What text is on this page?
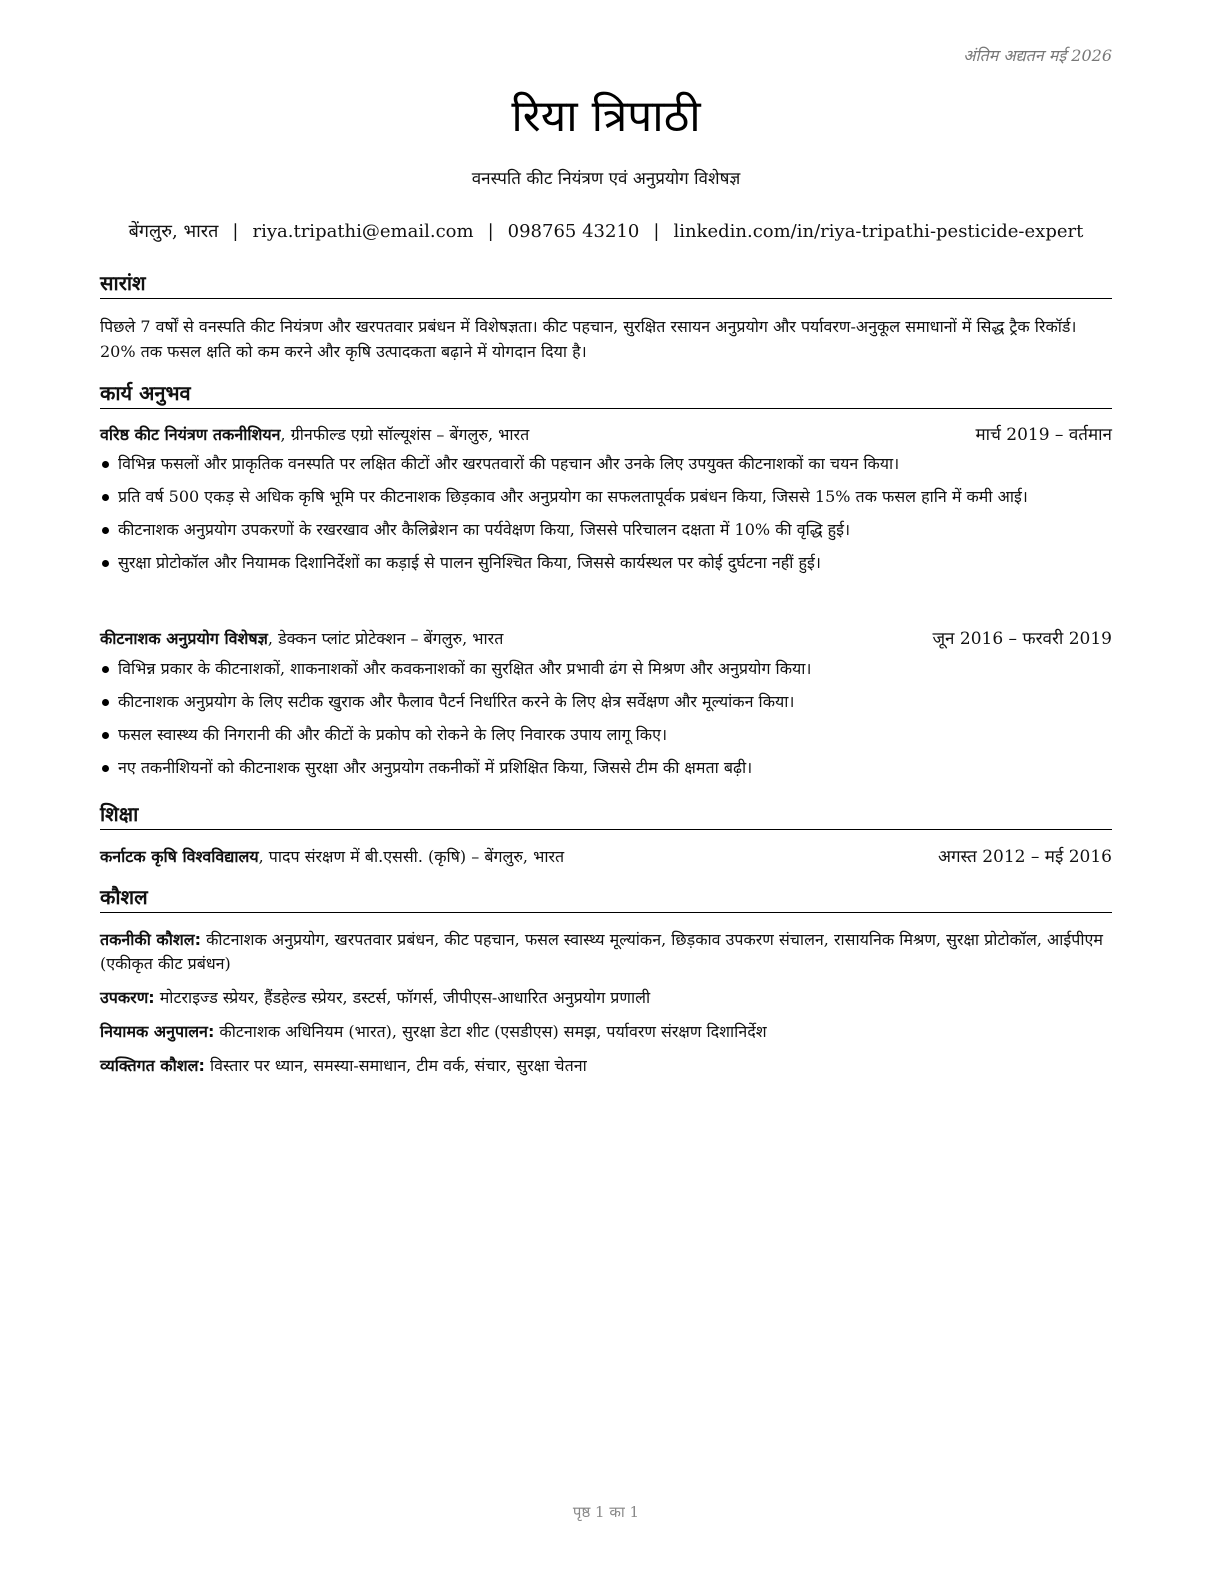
अंतिम अद्यतन मई 2026
रिया त्रिपाठी
वनस्पति कीट नियंत्रण एवं अनुप्रयोग विशेषज्ञ
बेंगलुरु, भारत | riya.tripathi@email.com | 098765 43210 | linkedin.com/in/riya-tripathi-pesticide-expert
सारांश
पिछले 7 वर्षों से वनस्पति कीट नियंत्रण और खरपतवार प्रबंधन में विशेषज्ञता। कीट पहचान, सुरक्षित रसायन अनुप्रयोग और पर्यावरण-अनुकूल समाधानों में सिद्ध ट्रैक रिकॉर्ड। 20% तक फसल क्षति को कम करने और कृषि उत्पादकता बढ़ाने में योगदान दिया है।
कार्य अनुभव
वरिष्ठ कीट नियंत्रण तकनीशियन, ग्रीनफील्ड एग्रो सॉल्यूशंस – बेंगलुरु, भारत	मार्च 2019 – वर्तमान
विभिन्न फसलों और प्राकृतिक वनस्पति पर लक्षित कीटों और खरपतवारों की पहचान और उनके लिए उपयुक्त कीटनाशकों का चयन किया।
प्रति वर्ष 500 एकड़ से अधिक कृषि भूमि पर कीटनाशक छिड़काव और अनुप्रयोग का सफलतापूर्वक प्रबंधन किया, जिससे 15% तक फसल हानि में कमी आई।
कीटनाशक अनुप्रयोग उपकरणों के रखरखाव और कैलिब्रेशन का पर्यवेक्षण किया, जिससे परिचालन दक्षता में 10% की वृद्धि हुई।
सुरक्षा प्रोटोकॉल और नियामक दिशानिर्देशों का कड़ाई से पालन सुनिश्चित किया, जिससे कार्यस्थल पर कोई दुर्घटना नहीं हुई।
कीटनाशक अनुप्रयोग विशेषज्ञ, डेक्कन प्लांट प्रोटेक्शन – बेंगलुरु, भारत	जून 2016 – फरवरी 2019
विभिन्न प्रकार के कीटनाशकों, शाकनाशकों और कवकनाशकों का सुरक्षित और प्रभावी ढंग से मिश्रण और अनुप्रयोग किया।
कीटनाशक अनुप्रयोग के लिए सटीक खुराक और फैलाव पैटर्न निर्धारित करने के लिए क्षेत्र सर्वेक्षण और मूल्यांकन किया।
फसल स्वास्थ्य की निगरानी की और कीटों के प्रकोप को रोकने के लिए निवारक उपाय लागू किए।
नए तकनीशियनों को कीटनाशक सुरक्षा और अनुप्रयोग तकनीकों में प्रशिक्षित किया, जिससे टीम की क्षमता बढ़ी।
शिक्षा
कर्नाटक कृषि विश्वविद्यालय, पादप संरक्षण में बी.एससी. (कृषि) – बेंगलुरु, भारत	अगस्त 2012 – मई 2016
कौशल
तकनीकी कौशल: कीटनाशक अनुप्रयोग, खरपतवार प्रबंधन, कीट पहचान, फसल स्वास्थ्य मूल्यांकन, छिड़काव उपकरण संचालन, रासायनिक मिश्रण, सुरक्षा प्रोटोकॉल, आईपीएम (एकीकृत कीट प्रबंधन)
उपकरण: मोटराइज्ड स्प्रेयर, हैंडहेल्ड स्प्रेयर, डस्टर्स, फॉगर्स, जीपीएस-आधारित अनुप्रयोग प्रणाली
नियामक अनुपालन: कीटनाशक अधिनियम (भारत), सुरक्षा डेटा शीट (एसडीएस) समझ, पर्यावरण संरक्षण दिशानिर्देश
व्यक्तिगत कौशल: विस्तार पर ध्यान, समस्या-समाधान, टीम वर्क, संचार, सुरक्षा चेतना
पृष्ठ 1 का 1
